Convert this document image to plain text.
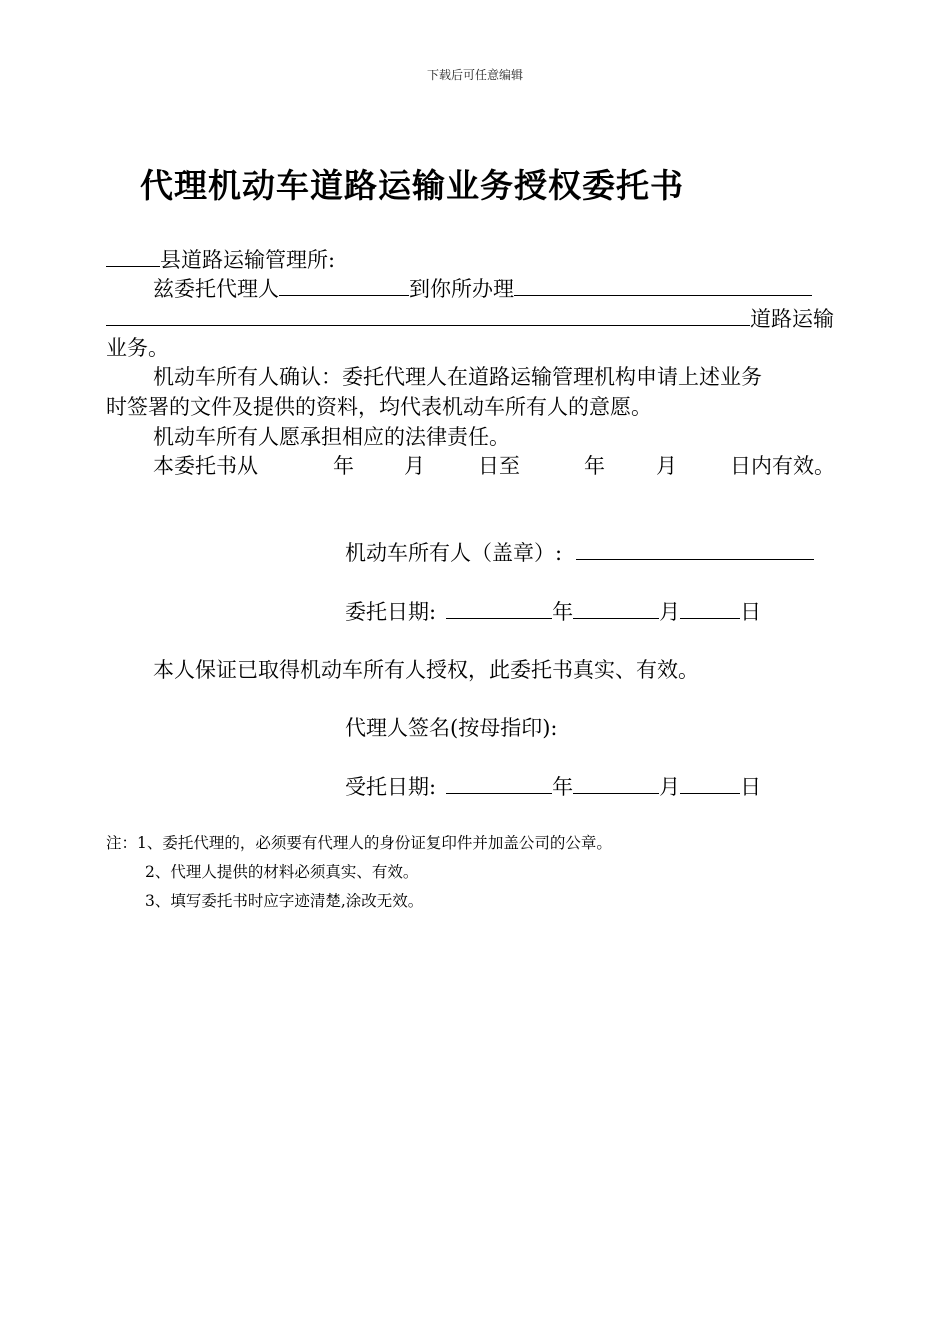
下载后可任意编辑
代理机动车道路运输业务授权委托书
县道路运输管理所:
兹委托代理人	到你所办理
道路运输
业务。
机动车所有人确认：委托代理人在道路运输管理机构申请上述业务
时签署的文件及提供的资料，均代表机动车所有人的意愿。
机动车所有人愿承担相应的法律责任。
本委托书从	年 月	日至	年 月	日内有效。
机动车所有人（盖章）:
委托日期:	年	月	日
本人保证已取得机动车所有人授权，此委托书真实、有效。
代理人签名(按母指印):
受托日期:	年	月	日
注：1、委托代理的，必须要有代理人的身份证复印件并加盖公司的公章。
2、代理人提供的材料必须真实、有效。
3、填写委托书时应字迹清楚,涂改无效。
